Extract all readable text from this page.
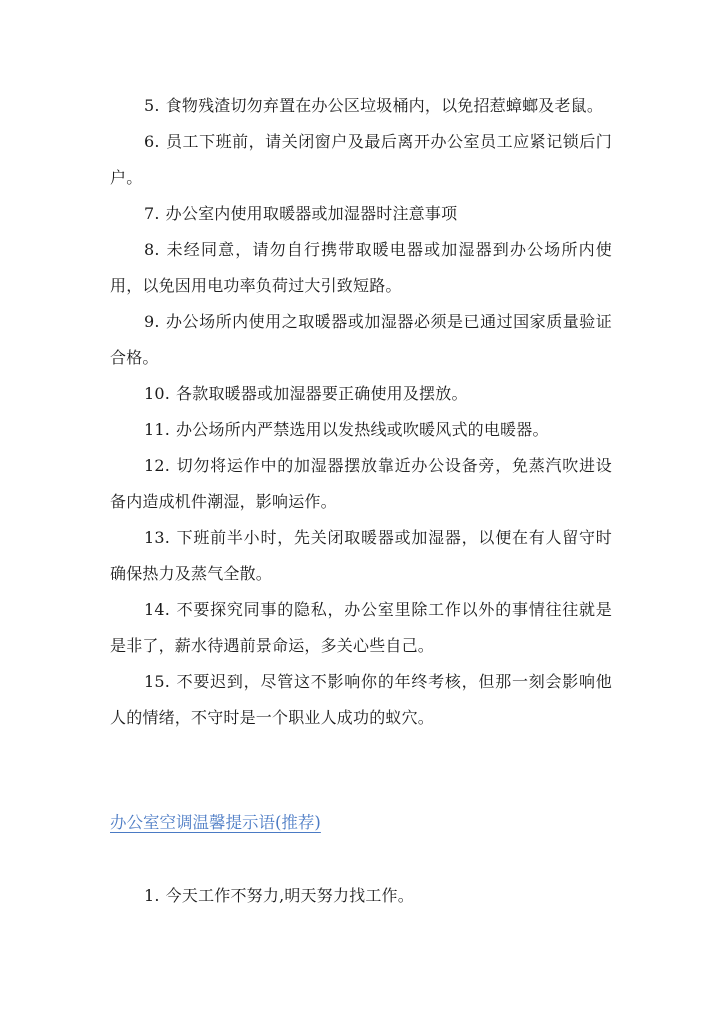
5. 食物残渣切勿弃置在办公区垃圾桶内，以免招惹蟑螂及老鼠。

6. 员工下班前，请关闭窗户及最后离开办公室员工应紧记锁后门户。

7. 办公室内使用取暖器或加湿器时注意事项

8. 未经同意，请勿自行携带取暖电器或加湿器到办公场所内使用，以免因用电功率负荷过大引致短路。

9. 办公场所内使用之取暖器或加湿器必须是已通过国家质量验证合格。

10. 各款取暖器或加湿器要正确使用及摆放。

11. 办公场所内严禁选用以发热线或吹暖风式的电暖器。

12. 切勿将运作中的加湿器摆放靠近办公设备旁，免蒸汽吹进设备内造成机件潮湿，影响运作。

13. 下班前半小时，先关闭取暖器或加湿器，以便在有人留守时确保热力及蒸气全散。

14. 不要探究同事的隐私，办公室里除工作以外的事情往往就是是非了，薪水待遇前景命运，多关心些自己。

15. 不要迟到，尽管这不影响你的年终考核，但那一刻会影响他人的情绪，不守时是一个职业人成功的蚁穴。

办公室空调温馨提示语(推荐)

1. 今天工作不努力,明天努力找工作。
